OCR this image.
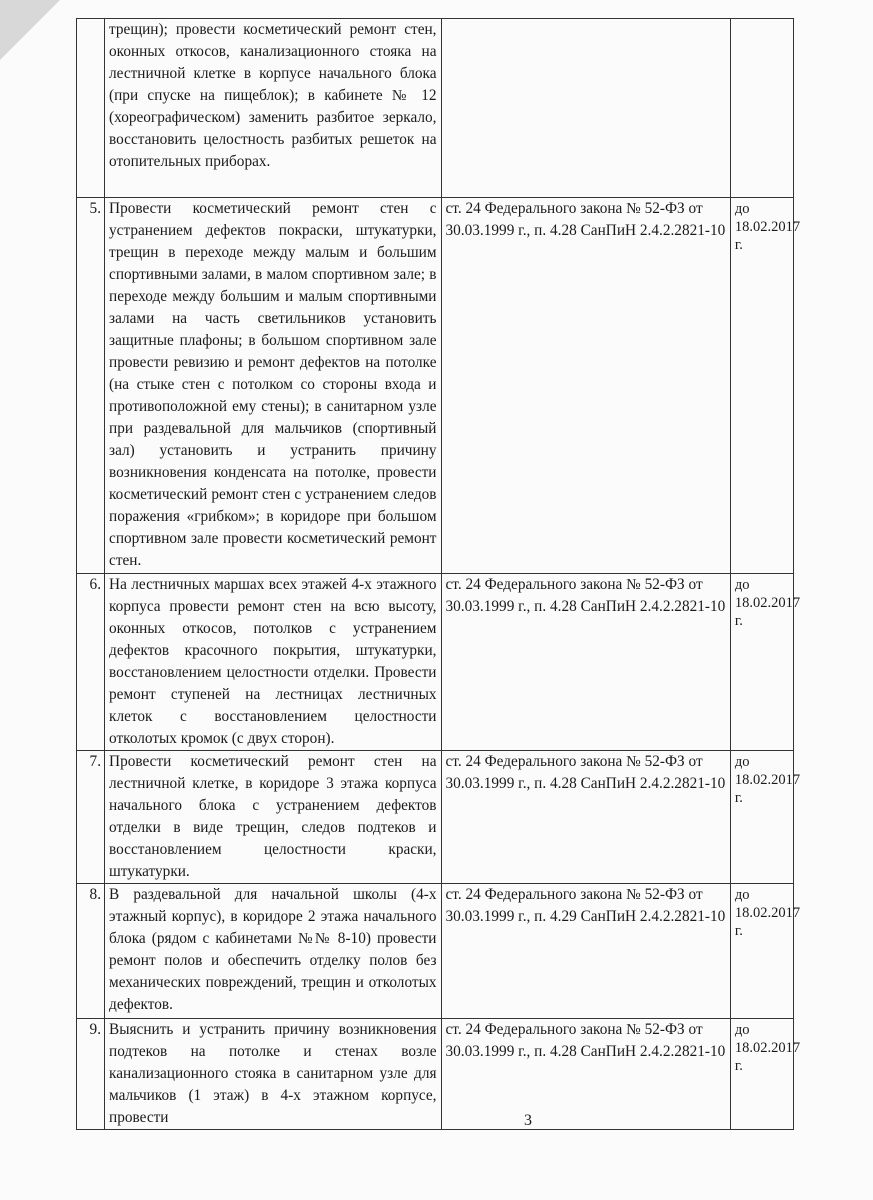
	трещин); провести косметический ремонт стен, оконных откосов, канализационного стояка на лестничной клетке в корпусе начального блока (при спуске на пищеблок); в кабинете № 12 (хореографическом) заменить разбитое зеркало, восстановить целостность разбитых решеток на отопительных приборах.		
5.	Провести косметический ремонт стен с устранением дефектов покраски, штукатурки, трещин в переходе между малым и большим спортивными залами, в малом спортивном зале; в переходе между большим и малым спортивными залами на часть светильников установить защитные плафоны; в большом спортивном зале провести ревизию и ремонт дефектов на потолке (на стыке стен с потолком со стороны входа и противоположной ему стены); в санитарном узле при раздевальной для мальчиков (спортивный зал) установить и устранить причину возникновения конденсата на потолке, провести косметический ремонт стен с устранением следов поражения «грибком»; в коридоре при большом спортивном зале провести косметический ремонт стен.	ст. 24 Федерального закона № 52-ФЗ от 30.03.1999 г., п. 4.28 СанПиН 2.4.2.2821-10	до 18.02.2017 г.
6.	На лестничных маршах всех этажей 4-х этажного корпуса провести ремонт стен на всю высоту, оконных откосов, потолков с устранением дефектов красочного покрытия, штукатурки, восстановлением целостности отделки. Провести ремонт ступеней на лестницах лестничных клеток с восстановлением целостности отколотых кромок (с двух сторон).	ст. 24 Федерального закона № 52-ФЗ от 30.03.1999 г., п. 4.28 СанПиН 2.4.2.2821-10	до 18.02.2017 г.
7.	Провести косметический ремонт стен на лестничной клетке, в коридоре 3 этажа корпуса начального блока с устранением дефектов отделки в виде трещин, следов подтеков и восстановлением целостности краски, штукатурки.	ст. 24 Федерального закона № 52-ФЗ от 30.03.1999 г., п. 4.28 СанПиН 2.4.2.2821-10	до 18.02.2017 г.
8.	В раздевальной для начальной школы (4-х этажный корпус), в коридоре 2 этажа начального блока (рядом с кабинетами №№ 8-10) провести ремонт полов и обеспечить отделку полов без механических повреждений, трещин и отколотых дефектов.	ст. 24 Федерального закона № 52-ФЗ от 30.03.1999 г., п. 4.29 СанПиН 2.4.2.2821-10	до 18.02.2017 г.
9.	Выяснить и устранить причину возникновения подтеков на потолке и стенах возле канализационного стояка в санитарном узле для мальчиков (1 этаж) в 4-х этажном корпусе, провести	ст. 24 Федерального закона № 52-ФЗ от 30.03.1999 г., п. 4.28 СанПиН 2.4.2.2821-10	до 18.02.2017 г.
3
